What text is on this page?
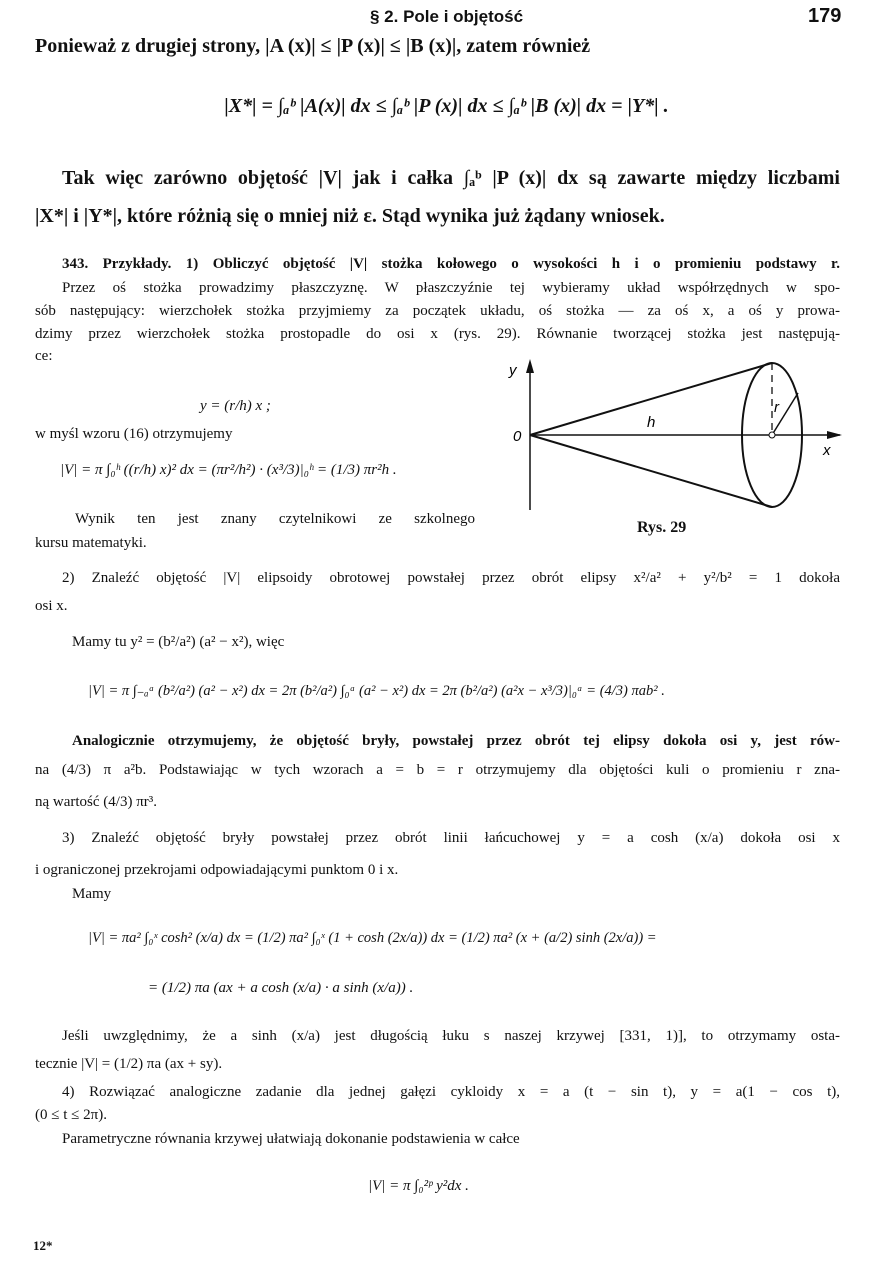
§ 2. Pole i objętość	179
Ponieważ z drugiej strony, |A (x)| ≤ |P (x)| ≤ |B (x)|, zatem również
|X*| = ∫ₐᵇ |A(x)| dx ≤ ∫ₐᵇ |P (x)| dx ≤ ∫ₐᵇ |B (x)| dx = |Y*| .
Tak więc zarówno objętość |V| jak i całka ∫ₐᵇ |P (x)| dx są zawarte między liczbami
|X*| i |Y*|, które różnią się o mniej niż ε. Stąd wynika już żądany wniosek.
343. Przykłady. 1) Obliczyć objętość |V| stożka kołowego o wysokości h i o promieniu podstawy r.
Przez oś stożka prowadzimy płaszczyznę. W płaszczyźnie tej wybieramy układ współrzędnych w spo-
sób następujący: wierzchołek stożka przyjmiemy za początek układu, oś stożka — za oś x, a oś y prowa-
dzimy przez wierzchołek stożka prostopadle do osi x (rys. 29). Równanie tworzącej stożka jest następują-
ce:
y = (r/h) x ;
w myśl wzoru (16) otrzymujemy
|V| = π ∫₀ʰ ((r/h) x)² dx = (πr²/h²) · (x³/3)|₀ʰ = (1/3) πr²h .
Wynik ten jest znany czytelnikowi ze szkolnego
kursu matematyki.
y
0
h
r
x
Rys. 29
2) Znaleźć objętość |V| elipsoidy obrotowej powstałej przez obrót elipsy x²/a² + y²/b² = 1 dokoła
osi x.
Mamy tu y² = (b²/a²) (a² − x²), więc
|V| = π ∫₋ₐᵃ (b²/a²) (a² − x²) dx = 2π (b²/a²) ∫₀ᵃ (a² − x²) dx = 2π (b²/a²) (a²x − x³/3)|₀ᵃ = (4/3) πab² .
Analogicznie otrzymujemy, że objętość bryły, powstałej przez obrót tej elipsy dokoła osi y, jest rów-
na (4/3) π a²b. Podstawiając w tych wzorach a = b = r otrzymujemy dla objętości kuli o promieniu r zna-
ną wartość (4/3) πr³.
3) Znaleźć objętość bryły powstałej przez obrót linii łańcuchowej y = a cosh (x/a) dokoła osi x
i ograniczonej przekrojami odpowiadającymi punktom 0 i x.
Mamy
|V| = πa² ∫₀ˣ cosh² (x/a) dx = (1/2) πa² ∫₀ˣ (1 + cosh (2x/a)) dx = (1/2) πa² (x + (a/2) sinh (2x/a)) =
= (1/2) πa (ax + a cosh (x/a) · a sinh (x/a)) .
Jeśli uwzględnimy, że a sinh (x/a) jest długością łuku s naszej krzywej [331, 1)], to otrzymamy osta-
tecznie |V| = (1/2) πa (ax + sy).
4) Rozwiązać analogiczne zadanie dla jednej gałęzi cykloidy x = a (t − sin t), y = a(1 − cos t),
(0 ≤ t ≤ 2π).
Parametryczne równania krzywej ułatwiają dokonanie podstawienia w całce
|V| = π ∫₀²ᵖ y²dx .
12*
